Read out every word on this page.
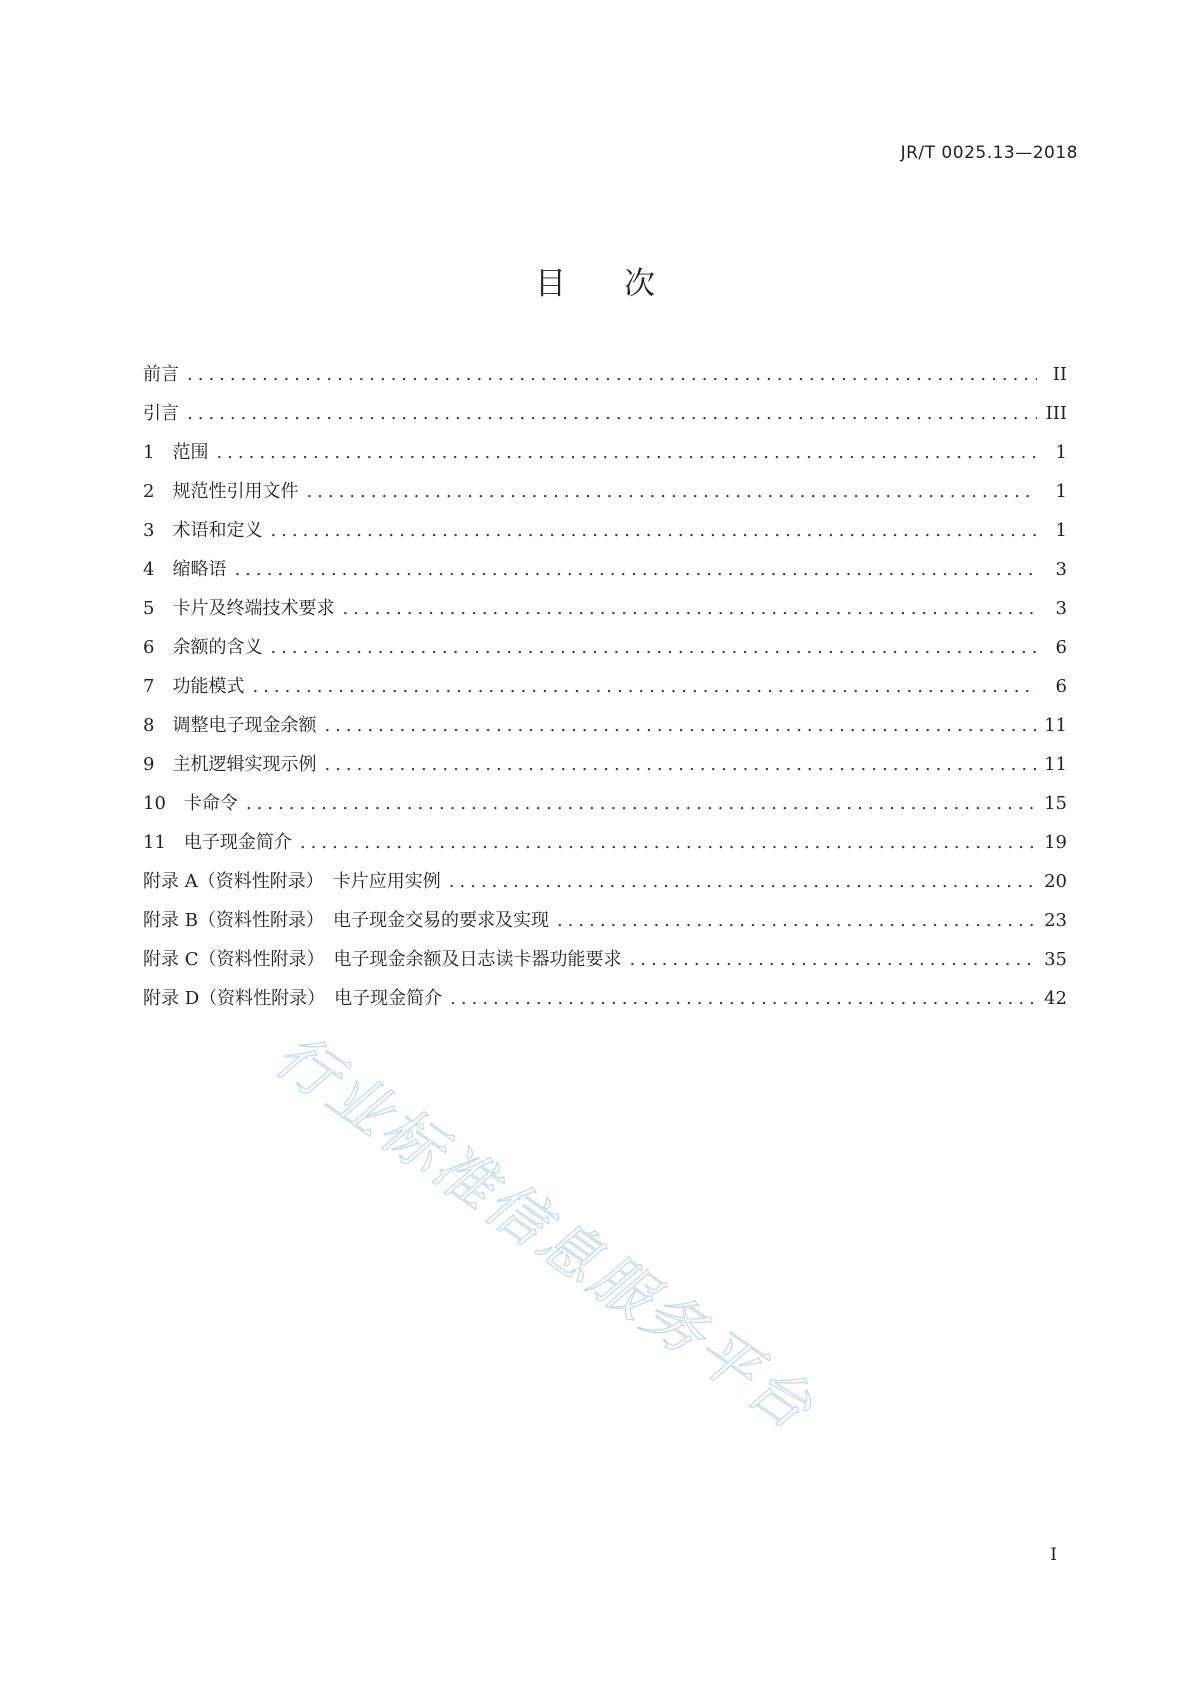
JR/T 0025.13—2018
目次
前言 .....	II
引言 .....	III
1　范围 .....	1
2　规范性引用文件 .....	1
3　术语和定义 .....	1
4　缩略语 .....	3
5　卡片及终端技术要求 .....	3
6　余额的含义 .....	6
7　功能模式 .....	6
8　调整电子现金余额 .....	11
9　主机逻辑实现示例 .....	11
10　卡命令 .....	15
11　电子现金简介 .....	19
附录 A（资料性附录）　卡片应用实例 .....	20
附录 B（资料性附录）　电子现金交易的要求及实现 .....	23
附录 C（资料性附录）　电子现金余额及日志读卡器功能要求 .....	35
附录 D（资料性附录）　电子现金简介 .....	42
行业标准信息服务平台
I
